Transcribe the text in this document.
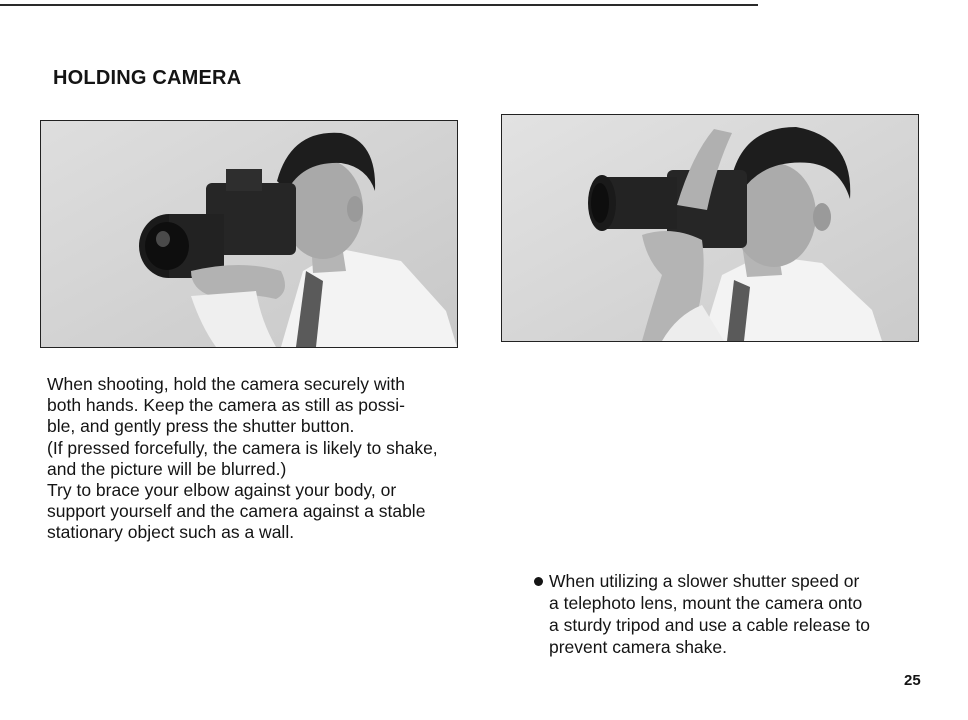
HOLDING CAMERA
When shooting, hold the camera securely with
both hands. Keep the camera as still as possi-
ble, and gently press the shutter button.
(If pressed forcefully, the camera is likely to shake,
and the picture will be blurred.)
Try to brace your elbow against your body, or
support yourself and the camera against a stable
stationary object such as a wall.
When utilizing a slower shutter speed or
a telephoto lens, mount the camera onto
a sturdy tripod and use a cable release to
prevent camera shake.
25
